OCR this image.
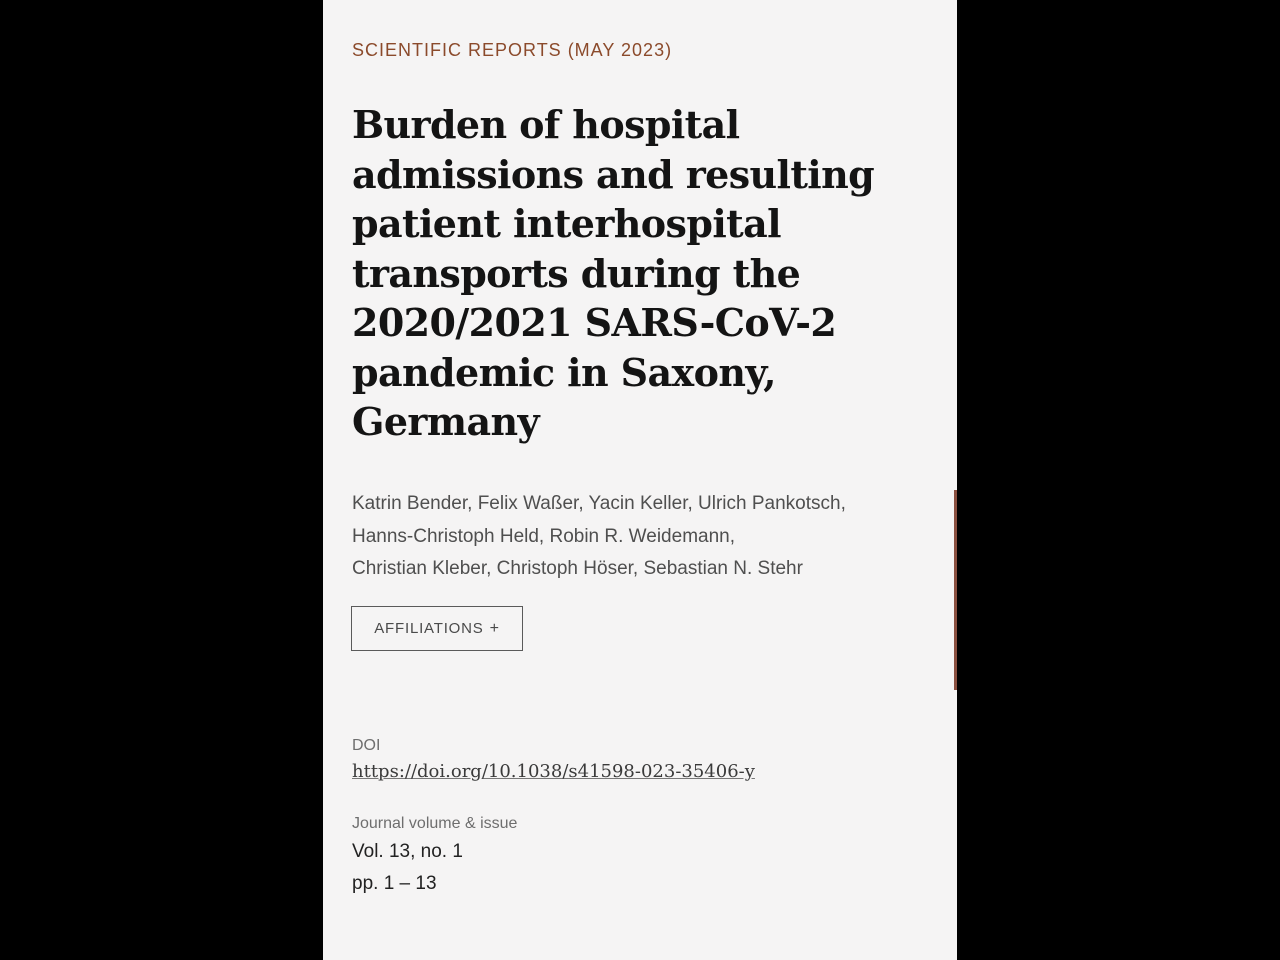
SCIENTIFIC REPORTS (MAY 2023)
Burden of hospital
admissions and resulting
patient interhospital
transports during the
2020/2021 SARS-CoV-2
pandemic in Saxony,
Germany
Katrin Bender, Felix Waßer, Yacin Keller, Ulrich Pankotsch,
Hanns-Christoph Held, Robin R. Weidemann,
Christian Kleber, Christoph Höser, Sebastian N. Stehr
AFFILIATIONS +
DOI
https://doi.org/10.1038/s41598-023-35406-y
Journal volume & issue
Vol. 13, no. 1
pp. 1 – 13
